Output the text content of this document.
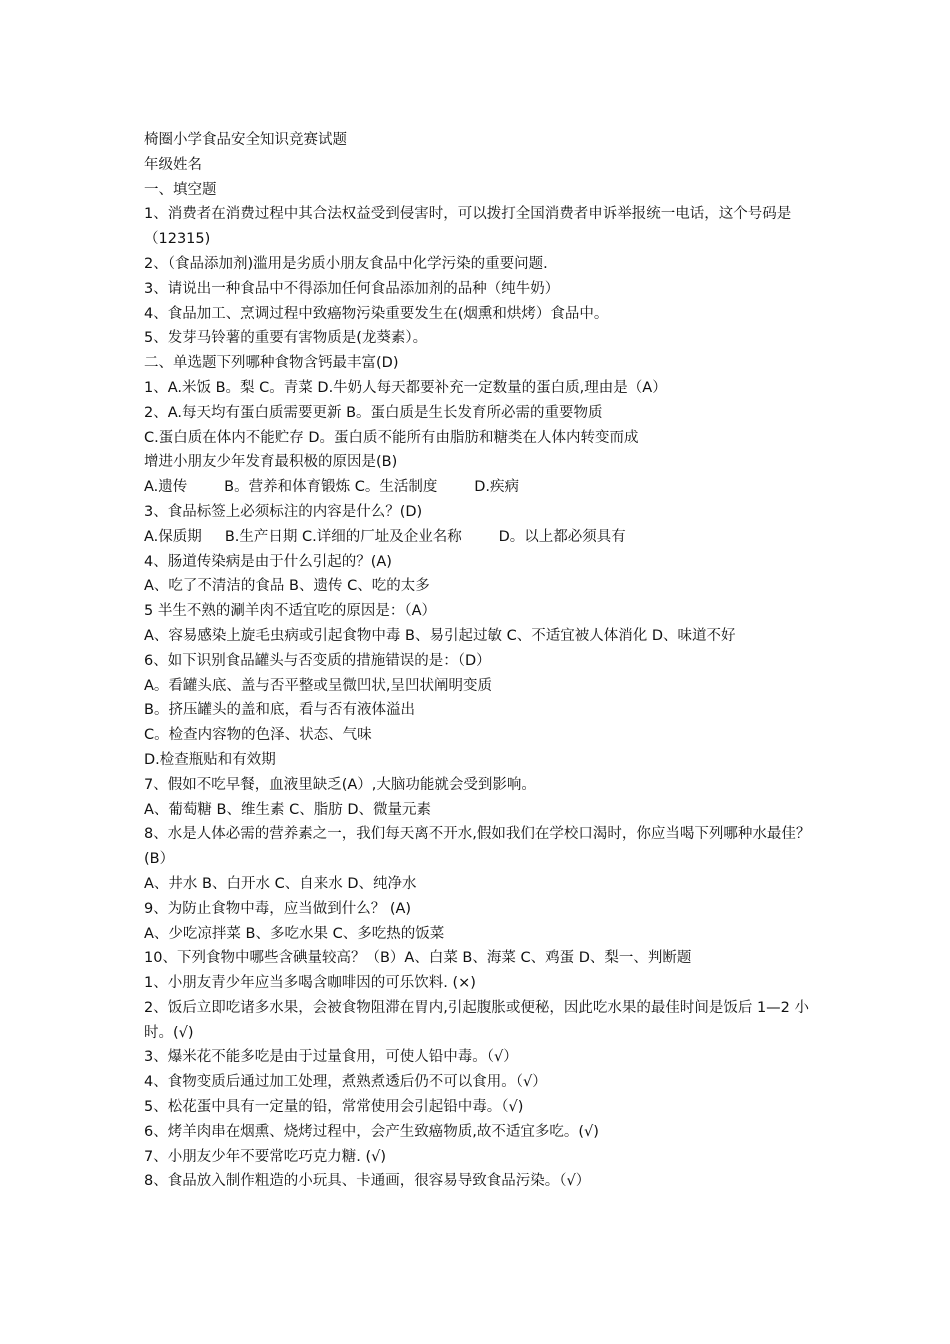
椅圈小学食品安全知识竞赛试题

年级姓名

一、填空题

1、消费者在消费过程中其合法权益受到侵害时，可以拨打全国消费者申诉举报统一电话，这个号码是（12315)

2、（食品添加剂)滥用是劣质小朋友食品中化学污染的重要问题.

3、请说出一种食品中不得添加任何食品添加剂的品种（纯牛奶）

4、食品加工、烹调过程中致癌物污染重要发生在(烟熏和烘烤）食品中。

5、发芽马铃薯的重要有害物质是(龙葵素）。

二、单选题下列哪种食物含钙最丰富(D)

1、A.米饭 B。梨 C。青菜 D.牛奶人每天都要补充一定数量的蛋白质,理由是（A）

2、A.每天均有蛋白质需要更新 B。蛋白质是生长发育所必需的重要物质

C.蛋白质在体内不能贮存 D。蛋白质不能所有由脂肪和糖类在人体内转变而成

增进小朋友少年发育最积极的原因是(B)

A.遗传        B。营养和体育锻炼 C。生活制度        D.疾病

3、食品标签上必须标注的内容是什么？(D)

A.保质期     B.生产日期 C.详细的厂址及企业名称        D。以上都必须具有

4、肠道传染病是由于什么引起的？(A)

A、吃了不清洁的食品 B、遗传 C、吃的太多

5 半生不熟的涮羊肉不适宜吃的原因是：（A）

A、容易感染上旋毛虫病或引起食物中毒 B、易引起过敏 C、不适宜被人体消化 D、味道不好

6、如下识别食品罐头与否变质的措施错误的是：（D）

A。看罐头底、盖与否平整或呈微凹状,呈凹状阐明变质

B。挤压罐头的盖和底，看与否有液体溢出

C。检查内容物的色泽、状态、气味

D.检查瓶贴和有效期

7、假如不吃早餐，血液里缺乏(A）,大脑功能就会受到影响。

A、葡萄糖 B、维生素 C、脂肪 D、微量元素

8、水是人体必需的营养素之一，我们每天离不开水,假如我们在学校口渴时，你应当喝下列哪种水最佳？(B）

A、井水 B、白开水 C、自来水 D、纯净水

9、为防止食物中毒，应当做到什么？ (A)

A、少吃凉拌菜 B、多吃水果 C、多吃热的饭菜

10、下列食物中哪些含碘量较高？（B）A、白菜 B、海菜 C、鸡蛋 D、梨一、判断题

1、小朋友青少年应当多喝含咖啡因的可乐饮料. (×)

2、饭后立即吃诸多水果，会被食物阻滞在胃内,引起腹胀或便秘，因此吃水果的最佳时间是饭后 1—2 小时。(√)

3、爆米花不能多吃是由于过量食用，可使人铅中毒。（√）

4、食物变质后通过加工处理，煮熟煮透后仍不可以食用。（√）

5、松花蛋中具有一定量的铅，常常使用会引起铅中毒。（√)

6、烤羊肉串在烟熏、烧烤过程中，会产生致癌物质,故不适宜多吃。(√)

7、小朋友少年不要常吃巧克力糖. (√)

8、食品放入制作粗造的小玩具、卡通画，很容易导致食品污染。（√）
